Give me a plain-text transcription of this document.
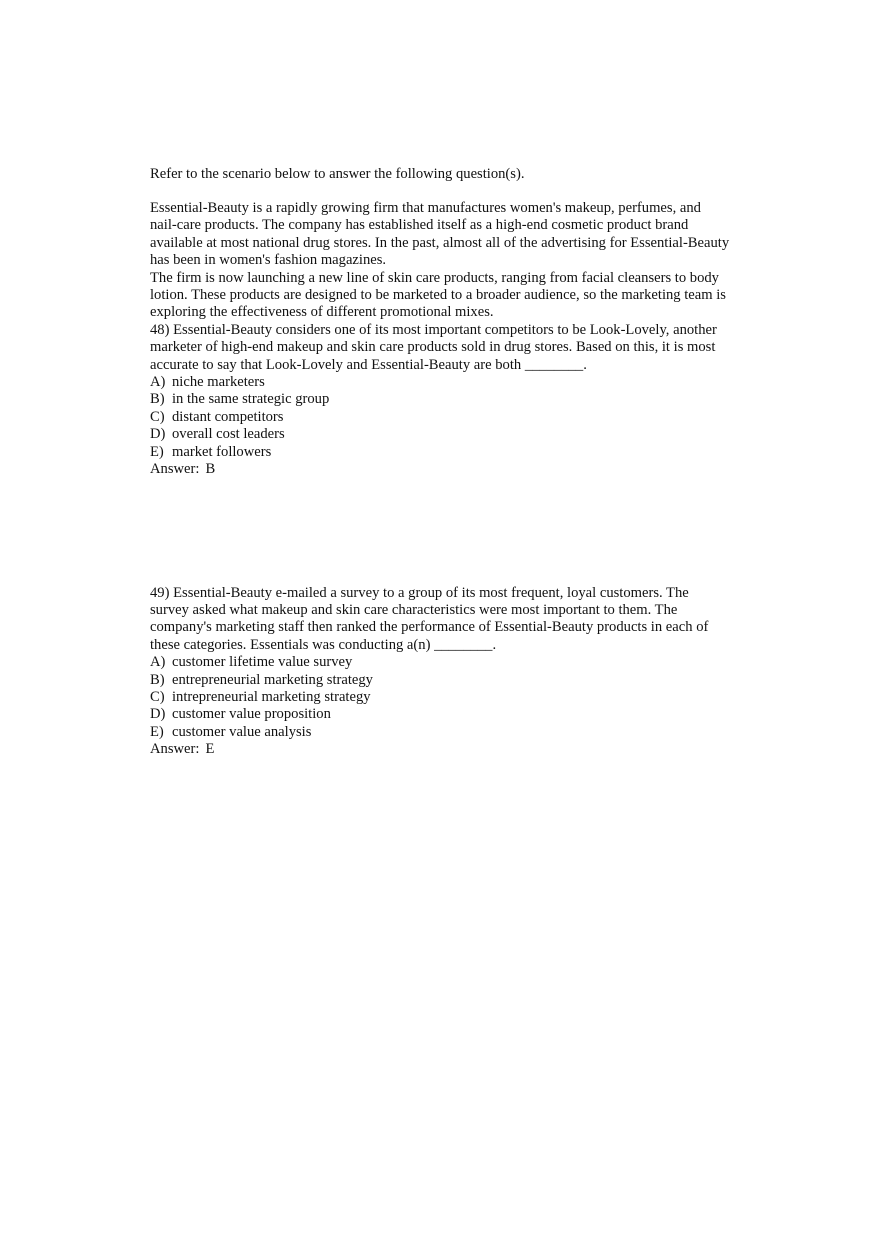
Refer to the scenario below to answer the following question(s).

Essential-Beauty is a rapidly growing firm that manufactures women's makeup, perfumes, and nail-care products. The company has established itself as a high-end cosmetic product brand available at most national drug stores. In the past, almost all of the advertising for Essential-Beauty has been in women's fashion magazines.

The firm is now launching a new line of skin care products, ranging from facial cleansers to body lotion. These products are designed to be marketed to a broader audience, so the marketing team is exploring the effectiveness of different promotional mixes.

48) Essential-Beauty considers one of its most important competitors to be Look-Lovely, another marketer of high-end makeup and skin care products sold in drug stores. Based on this, it is most accurate to say that Look-Lovely and Essential-Beauty are both ________.

A) niche marketers
B) in the same strategic group
C) distant competitors
D) overall cost leaders
E) market followers

Answer: B

49) Essential-Beauty e-mailed a survey to a group of its most frequent, loyal customers. The survey asked what makeup and skin care characteristics were most important to them. The company's marketing staff then ranked the performance of Essential-Beauty products in each of these categories. Essentials was conducting a(n) ________.

A) customer lifetime value survey
B) entrepreneurial marketing strategy
C) intrepreneurial marketing strategy
D) customer value proposition
E) customer value analysis

Answer: E
